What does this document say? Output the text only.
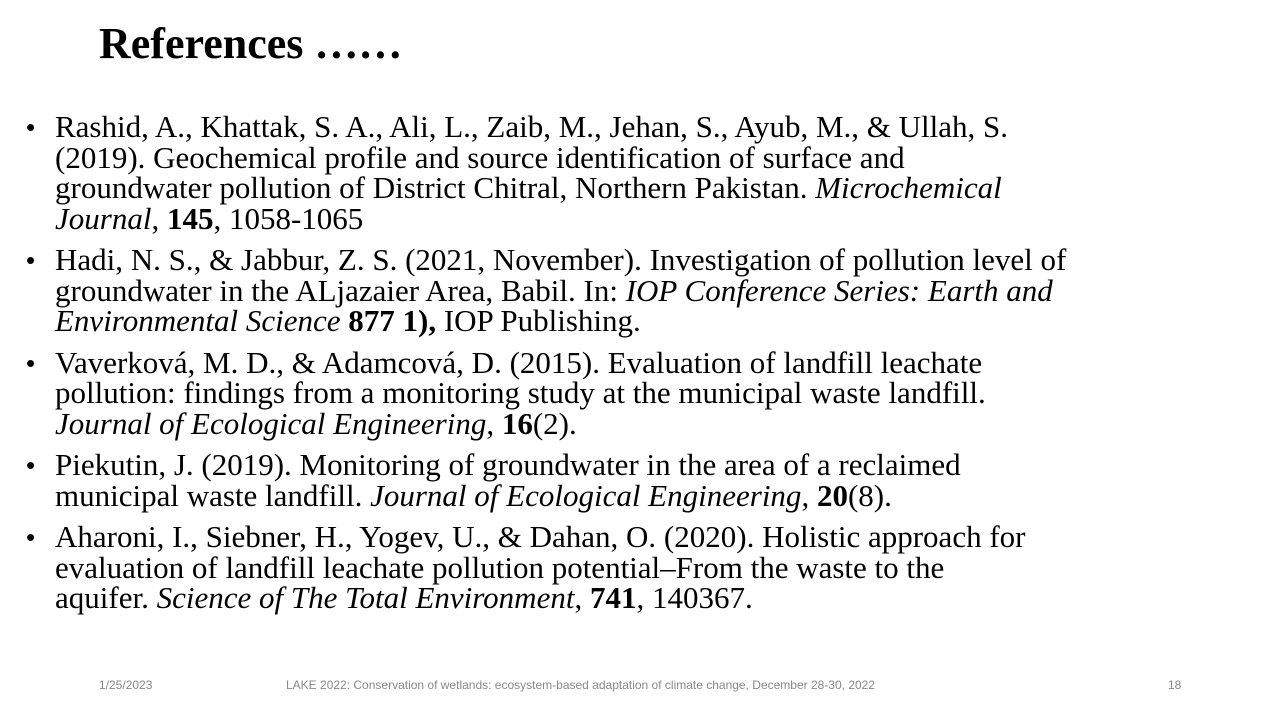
References ……
• Rashid, A., Khattak, S. A., Ali, L., Zaib, M., Jehan, S., Ayub, M., & Ullah, S.
(2019). Geochemical profile and source identification of surface and
groundwater pollution of District Chitral, Northern Pakistan. Microchemical
Journal, 145, 1058-1065
• Hadi, N. S., & Jabbur, Z. S. (2021, November). Investigation of pollution level of
groundwater in the ALjazaier Area, Babil. In: IOP Conference Series: Earth and
Environmental Science 877 1), IOP Publishing.
• Vaverková, M. D., & Adamcová, D. (2015). Evaluation of landfill leachate
pollution: findings from a monitoring study at the municipal waste landfill.
Journal of Ecological Engineering, 16(2).
• Piekutin, J. (2019). Monitoring of groundwater in the area of a reclaimed
municipal waste landfill. Journal of Ecological Engineering, 20(8).
• Aharoni, I., Siebner, H., Yogev, U., & Dahan, O. (2020). Holistic approach for
evaluation of landfill leachate pollution potential–From the waste to the
aquifer. Science of The Total Environment, 741, 140367.
1/25/2023	LAKE 2022: Conservation of wetlands: ecosystem-based adaptation of climate change, December 28-30, 2022	18
